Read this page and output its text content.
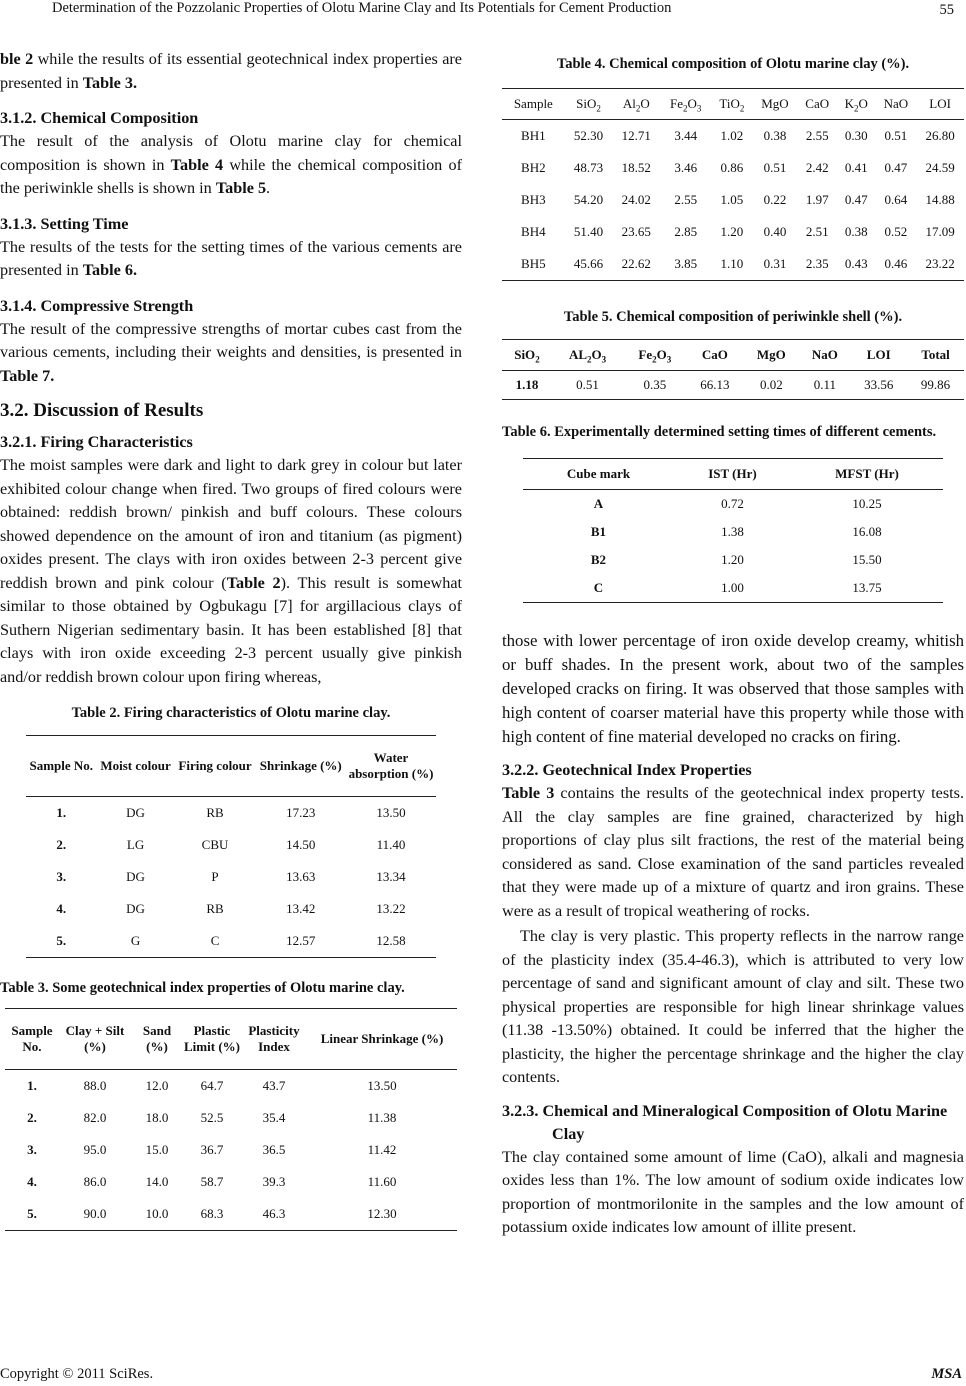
Determination of the Pozzolanic Properties of Olotu Marine Clay and Its Potentials for Cement Production	55

ble 2 while the results of its essential geotechnical index properties are presented in Table 3.

3.1.2. Chemical Composition

The result of the analysis of Olotu marine clay for chemical composition is shown in Table 4 while the chemical composition of the periwinkle shells is shown in Table 5.

3.1.3. Setting Time

The results of the tests for the setting times of the various cements are presented in Table 6.

3.1.4. Compressive Strength

The result of the compressive strengths of mortar cubes cast from the various cements, including their weights and densities, is presented in Table 7.

3.2. Discussion of Results
3.2.1. Firing Characteristics

The moist samples were dark and light to dark grey in colour but later exhibited colour change when fired. Two groups of fired colours were obtained: reddish brown/ pinkish and buff colours. These colours showed dependence on the amount of iron and titanium (as pigment) oxides present. The clays with iron oxides between 2-3 percent give reddish brown and pink colour (Table 2). This result is somewhat similar to those obtained by Ogbukagu [7] for argillacious clays of Suthern Nigerian sedimentary basin. It has been established [8] that clays with iron oxide exceeding 2-3 percent usually give pinkish and/or reddish brown colour upon firing whereas,

Table 2. Firing characteristics of Olotu marine clay.
Sample No.	Moist colour	Firing colour	Shrinkage (%)	Water absorption (%)
1.	DG	RB	17.23	13.50
2.	LG	CBU	14.50	11.40
3.	DG	P	13.63	13.34
4.	DG	RB	13.42	13.22
5.	G	C	12.57	12.58
Table 3. Some geotechnical index properties of Olotu marine clay.
Sample No.	Clay + Silt (%)	Sand (%)	Plastic Limit (%)	Plasticity Index	Linear Shrinkage (%)
1.	88.0	12.0	64.7	43.7	13.50
2.	82.0	18.0	52.5	35.4	11.38
3.	95.0	15.0	36.7	36.5	11.42
4.	86.0	14.0	58.7	39.3	11.60
5.	90.0	10.0	68.3	46.3	12.30
Table 4. Chemical composition of Olotu marine clay (%).
Sample	SiO$_2$	$Al_2O$	$Fe_2O_3$	TiO$_2$	MgO	CaO	$K_2O$	NaO	LOI
BH1	52.30	12.71	3.44	1.02	0.38	2.55	0.30	0.51	26.80
BH2	48.73	18.52	3.46	0.86	0.51	2.42	0.41	0.47	24.59
BH3	54.20	24.02	2.55	1.05	0.22	1.97	0.47	0.64	14.88
BH4	51.40	23.65	2.85	1.20	0.40	2.51	0.38	0.52	17.09
BH5	45.66	22.62	3.85	1.10	0.31	2.35	0.43	0.46	23.22
Table 5. Chemical composition of periwinkle shell (%).
SiO$_2$	$AL_2O_3$	$Fe_2O_3$	CaO	MgO	NaO	LOI	Total
1.18	0.51	0.35	66.13	0.02	0.11	33.56	99.86
Table 6. Experimentally determined setting times of different cements.
Cube mark	IST (Hr)	MFST (Hr)
A	0.72	10.25
B1	1.38	16.08
B2	1.20	15.50
C	1.00	13.75

those with lower percentage of iron oxide develop creamy, whitish or buff shades. In the present work, about two of the samples developed cracks on firing. It was observed that those samples with high content of coarser material have this property while those with high content of fine material developed no cracks on firing.

3.2.2. Geotechnical Index Properties

Table 3 contains the results of the geotechnical index property tests. All the clay samples are fine grained, characterized by high proportions of clay plus silt fractions, the rest of the material being considered as sand. Close examination of the sand particles revealed that they were made up of a mixture of quartz and iron grains. These were as a result of tropical weathering of rocks.

The clay is very plastic. This property reflects in the narrow range of the plasticity index (35.4-46.3), which is attributed to very low percentage of sand and significant amount of clay and silt. These two physical properties are responsible for high linear shrinkage values (11.38 -13.50%) obtained. It could be inferred that the higher the plasticity, the higher the percentage shrinkage and the higher the clay contents.

3.2.3. Chemical and Mineralogical Composition of Olotu Marine Clay

The clay contained some amount of lime (CaO), alkali and magnesia oxides less than 1%. The low amount of sodium oxide indicates low proportion of montmorilonite in the samples and the low amount of potassium oxide indicates low amount of illite present.

Copyright © 2011 SciRes.	MSA
